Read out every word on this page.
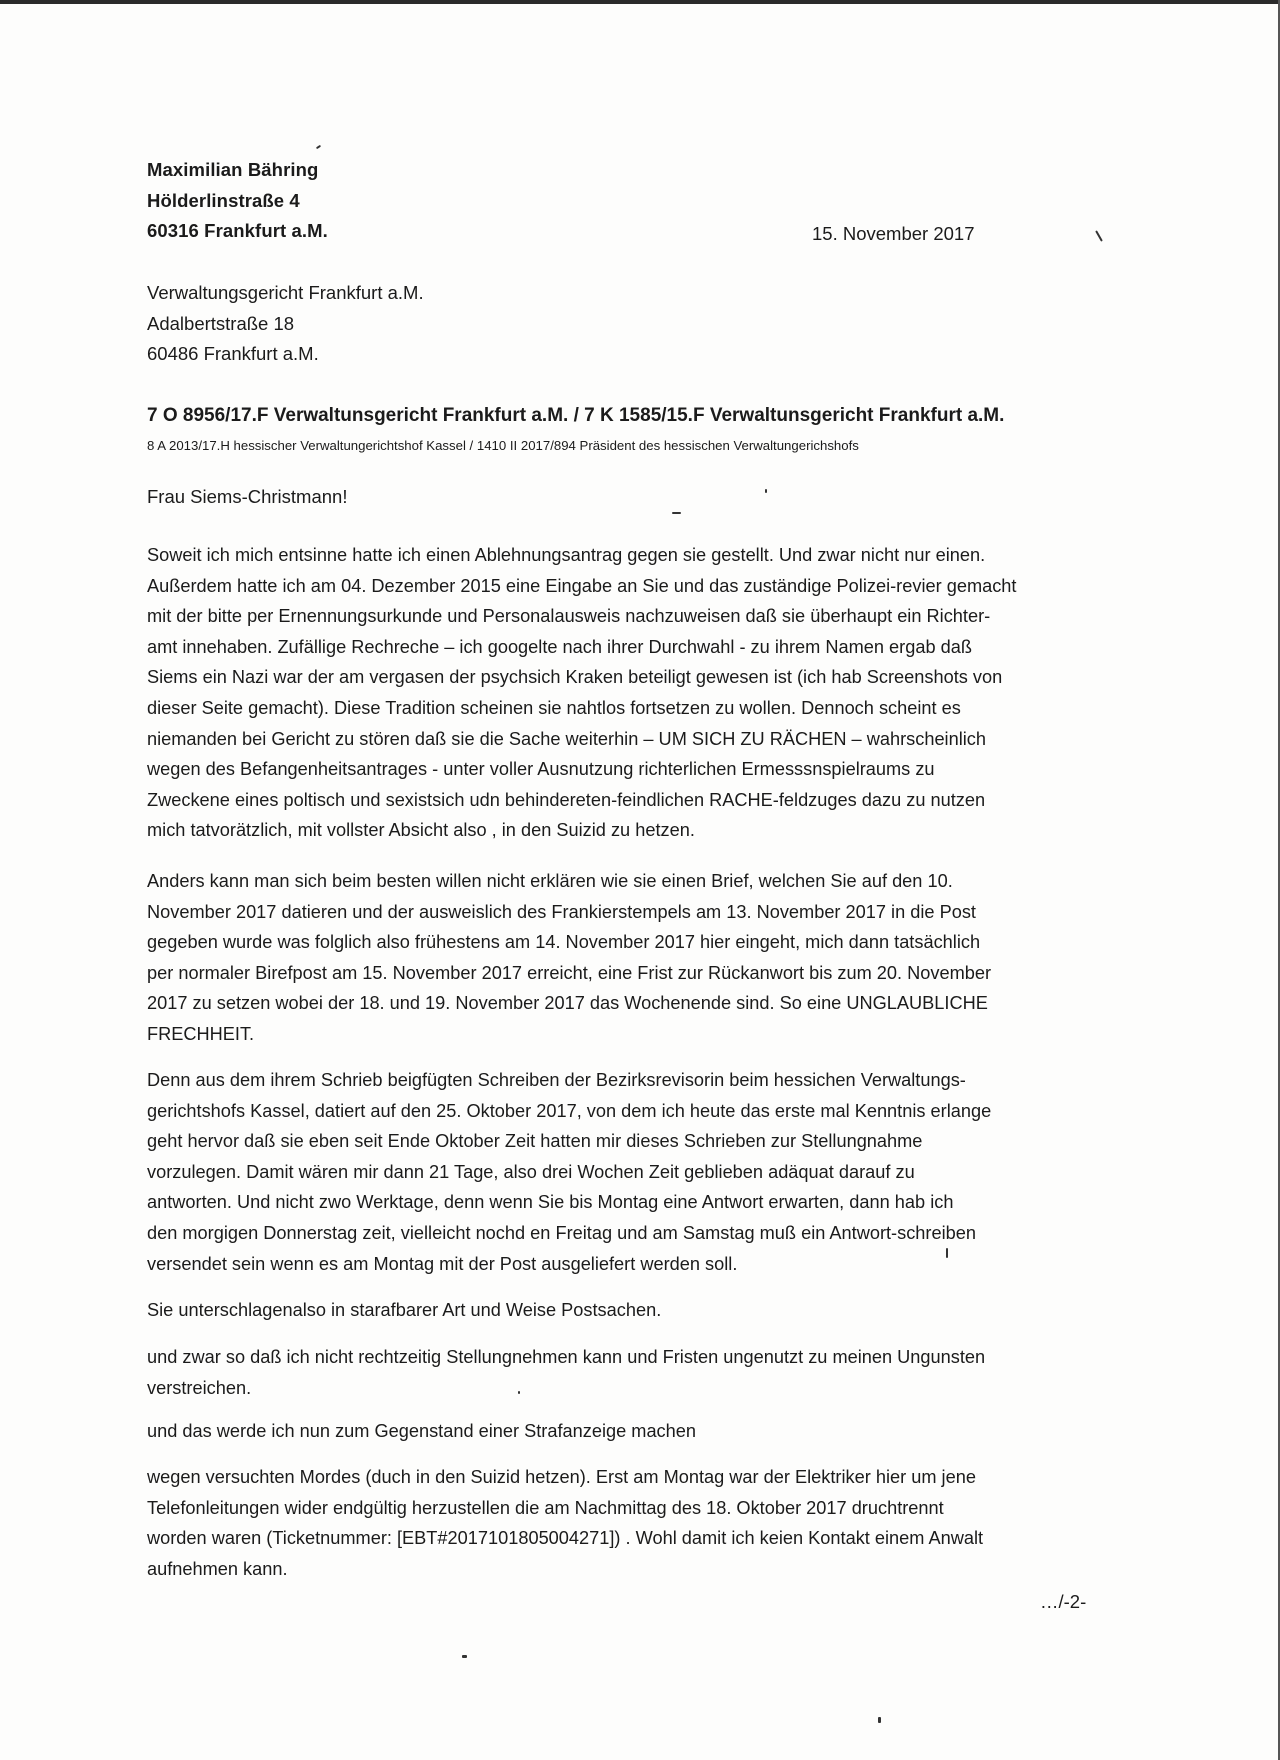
Maximilian Bähring
Hölderlinstraße 4
60316 Frankfurt a.M.	15. November 2017
Verwaltungsgericht Frankfurt a.M.
Adalbertstraße 18
60486 Frankfurt a.M.
7 O 8956/17.F Verwaltunsgericht Frankfurt a.M. / 7 K 1585/15.F Verwaltunsgericht Frankfurt a.M.
8 A 2013/17.H hessischer Verwaltungerichtshof Kassel / 1410 II 2017/894 Präsident des hessischen Verwaltungerichshofs
Frau Siems-Christmann!
Soweit ich mich entsinne hatte ich einen Ablehnungsantrag gegen sie gestellt. Und zwar nicht nur einen.
Außerdem hatte ich am 04. Dezember 2015 eine Eingabe an Sie und das zuständige Polizei-revier gemacht
mit der bitte per Ernennungsurkunde und Personalausweis nachzuweisen daß sie überhaupt ein Richter-
amt innehaben. Zufällige Rechreche – ich googelte nach ihrer Durchwahl - zu ihrem Namen ergab daß
Siems ein Nazi war der am vergasen der psychsich Kraken beteiligt gewesen ist (ich hab Screenshots von
dieser Seite gemacht). Diese Tradition scheinen sie nahtlos fortsetzen zu wollen. Dennoch scheint es
niemanden bei Gericht zu stören daß sie die Sache weiterhin – UM SICH ZU RÄCHEN – wahrscheinlich
wegen des Befangenheitsantrages - unter voller Ausnutzung richterlichen Ermesssnspielraums zu
Zweckene eines poltisch und sexistsich udn behindereten-feindlichen RACHE-feldzuges dazu zu nutzen
mich tatvorätzlich, mit vollster Absicht also , in den Suizid zu hetzen.
Anders kann man sich beim besten willen nicht erklären wie sie einen Brief, welchen Sie auf den 10.
November 2017 datieren und der ausweislich des Frankierstempels am 13. November 2017 in die Post
gegeben wurde was folglich also frühestens am 14. November 2017 hier eingeht, mich dann tatsächlich
per normaler Birefpost am 15. November 2017 erreicht, eine Frist zur Rückanwort bis zum 20. November
2017 zu setzen wobei der 18. und 19. November 2017 das Wochenende sind. So eine UNGLAUBLICHE
FRECHHEIT.
Denn aus dem ihrem Schrieb beigfügten Schreiben der Bezirksrevisorin beim hessichen Verwaltungs-
gerichtshofs Kassel, datiert auf den 25. Oktober 2017, von dem ich heute das erste mal Kenntnis erlange
geht hervor daß sie eben seit Ende Oktober Zeit hatten mir dieses Schrieben zur Stellungnahme
vorzulegen. Damit wären mir dann 21 Tage, also drei Wochen Zeit geblieben adäquat darauf zu
antworten. Und nicht zwo Werktage, denn wenn Sie bis Montag eine Antwort erwarten, dann hab ich
den morgigen Donnerstag zeit, vielleicht nochd en Freitag und am Samstag muß ein Antwort-schreiben
versendet sein wenn es am Montag mit der Post ausgeliefert werden soll.
Sie unterschlagenalso in starafbarer Art und Weise Postsachen.
und zwar so daß ich nicht rechtzeitig Stellungnehmen kann und Fristen ungenutzt zu meinen Ungunsten
verstreichen.
und das werde ich nun zum Gegenstand einer Strafanzeige machen
wegen versuchten Mordes (duch in den Suizid hetzen). Erst am Montag war der Elektriker hier um jene
Telefonleitungen wider endgültig herzustellen die am Nachmittag des 18. Oktober 2017 druchtrennt
worden waren (Ticketnummer: [EBT#2017101805004271]) . Wohl damit ich keien Kontakt einem Anwalt
aufnehmen kann.
…/-2-
